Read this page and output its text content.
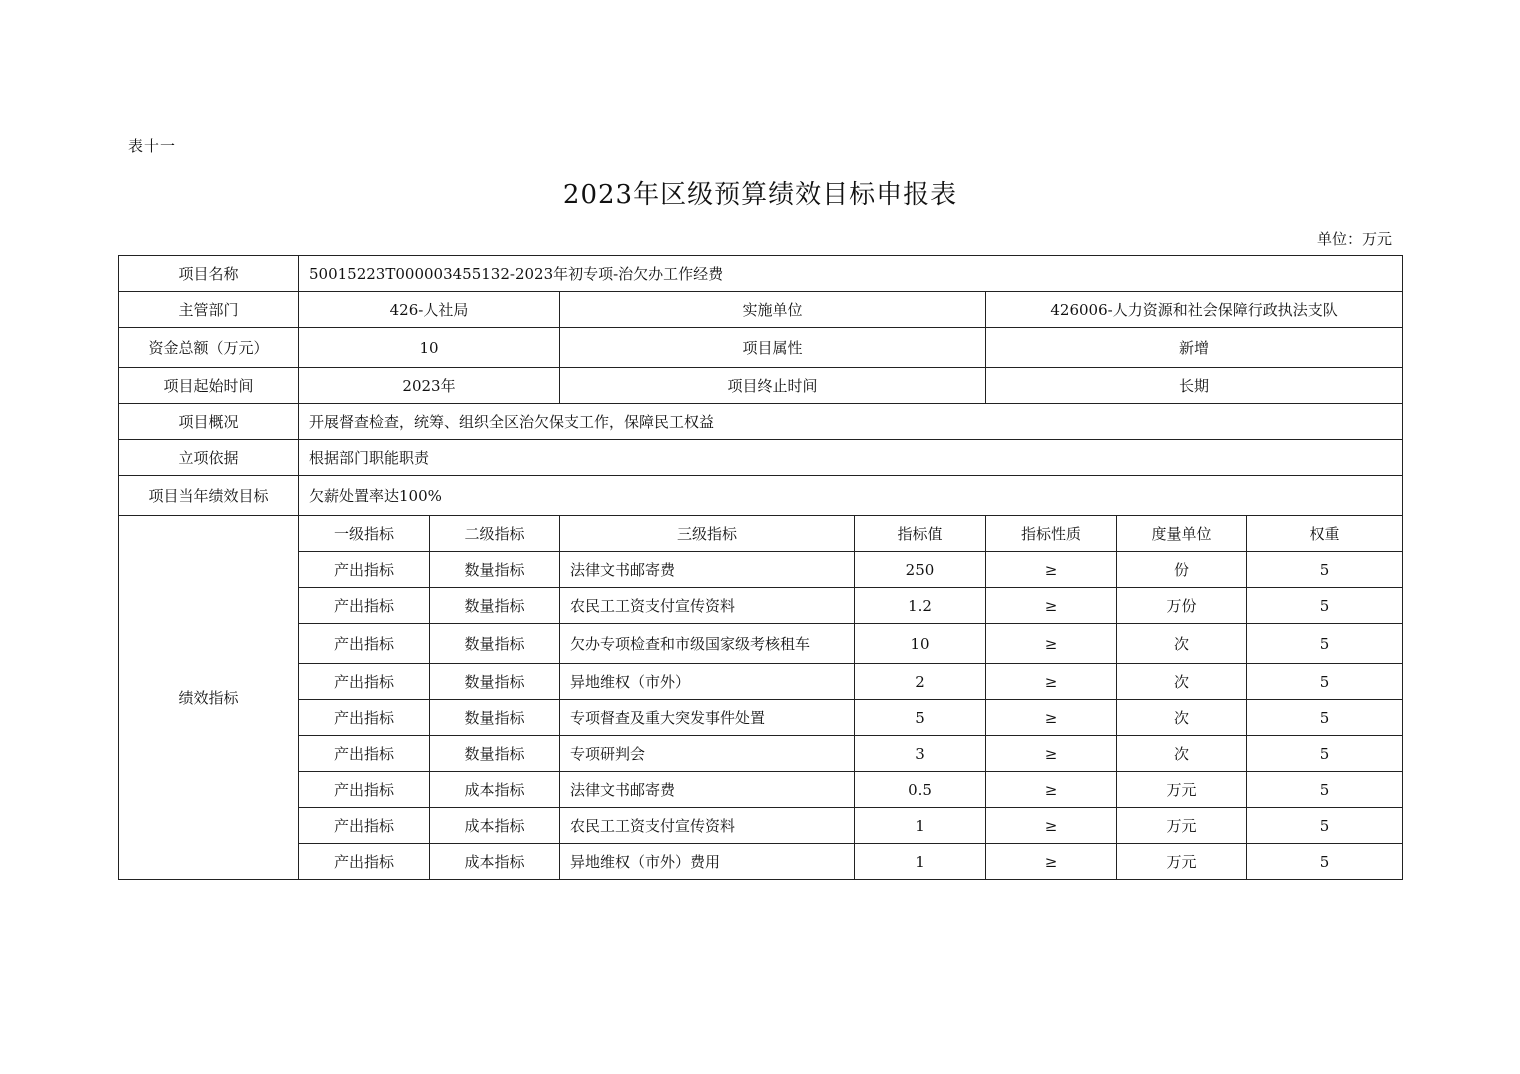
表十一
2023年区级预算绩效目标申报表
单位：万元
项目名称	50015223T000003455132-2023年初专项-治欠办工作经费						
主管部门	426-人社局		实施单位		426006-人力资源和社会保障行政执法支队		
资金总额（万元）	10		项目属性		新增		
项目起始时间	2023年		项目终止时间		长期		
项目概况	开展督查检查，统筹、组织全区治欠保支工作，保障民工权益						
立项依据	根据部门职能职责						
项目当年绩效目标	欠薪处置率达100%						
绩效指标	一级指标	二级指标	三级指标	指标值	指标性质	度量单位	权重
	产出指标	数量指标	法律文书邮寄费	250	≥	份	5
	产出指标	数量指标	农民工工资支付宣传资料	1.2	≥	万份	5
	产出指标	数量指标	欠办专项检查和市级国家级考核租车	10	≥	次	5
	产出指标	数量指标	异地维权（市外）	2	≥	次	5
	产出指标	数量指标	专项督查及重大突发事件处置	5	≥	次	5
	产出指标	数量指标	专项研判会	3	≥	次	5
	产出指标	成本指标	法律文书邮寄费	0.5	≥	万元	5
	产出指标	成本指标	农民工工资支付宣传资料	1	≥	万元	5
	产出指标	成本指标	异地维权（市外）费用	1	≥	万元	5
